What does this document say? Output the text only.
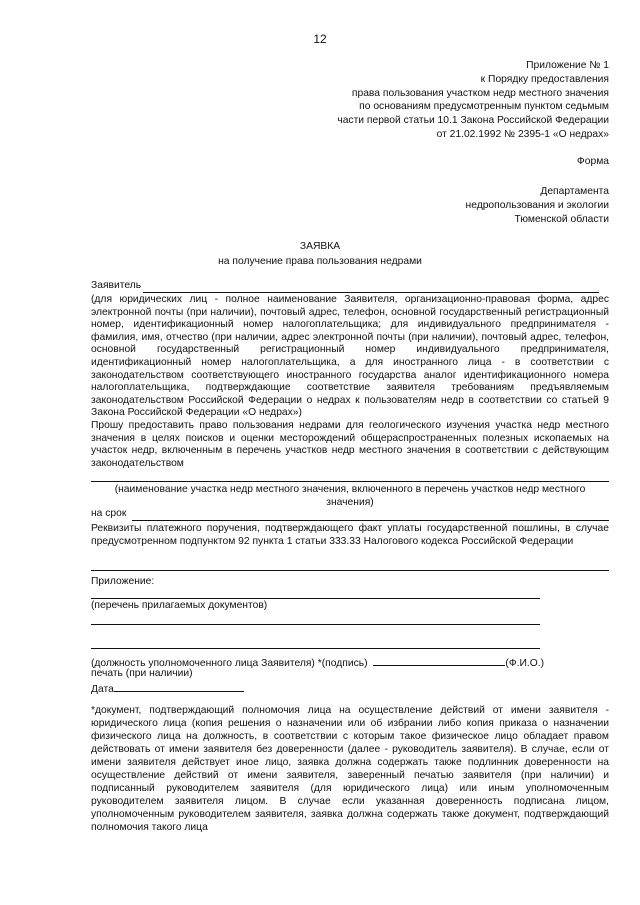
12
Приложение № 1
к Порядку предоставления
права пользования участком недр местного значения
по основаниям предусмотренным пунктом седьмым
части первой статьи 10.1 Закона Российской Федерации
от 21.02.1992 № 2395-1 «О недрах»
Форма
Департамента
недропользования и экологии
Тюменской области
ЗАЯВКА
на получение права пользования недрами
Заявитель
(для юридических лиц - полное наименование Заявителя, организационно-правовая форма, адрес электронной почты (при наличии), почтовый адрес, телефон, основной государственный регистрационный номер, идентификационный номер налогоплательщика; для индивидуального предпринимателя - фамилия, имя, отчество (при наличии, адрес электронной почты (при наличии), почтовый адрес, телефон, основной государственный регистрационный номер индивидуального предпринимателя, идентификационный номер налогоплательщика, а для иностранного лица - в соответствии с законодательством соответствующего иностранного государства аналог идентификационного номера налогоплательщика, подтверждающие соответствие заявителя требованиям предъявляемым законодательством Российской Федерации о недрах к пользователям недр в соответствии со статьей 9 Закона Российской Федерации «О недрах»)
Прошу предоставить право пользования недрами для геологического изучения участка недр местного значения в целях поисков и оценки месторождений общераспространенных полезных ископаемых на участок недр, включенным в перечень участков недр местного значения в соответствии с действующим законодательством
(наименование участка недр местного значения, включенного в перечень участков недр местного значения)
на срок
Реквизиты платежного поручения, подтверждающего факт уплаты государственной пошлины, в случае предусмотренном подпунктом 92 пункта 1 статьи 333.33 Налогового кодекса Российской Федерации
Приложение:
(перечень прилагаемых документов)
(должность уполномоченного лица Заявителя) *(подпись)	(Ф.И.О.)
печать (при наличии)
Дата
*документ, подтверждающий полномочия лица на осуществление действий от имени заявителя - юридического лица (копия решения о назначении или об избрании либо копия приказа о назначении физического лица на должность, в соответствии с которым такое физическое лицо обладает правом действовать от имени заявителя без доверенности (далее - руководитель заявителя). В случае, если от имени заявителя действует иное лицо, заявка должна содержать также подлинник доверенности на осуществление действий от имени заявителя, заверенный печатью заявителя (при наличии) и подписанный руководителем заявителя (для юридического лица) или иным уполномоченным руководителем заявителя лицом. В случае если указанная доверенность подписана лицом, уполномоченным руководителем заявителя, заявка должна содержать также документ, подтверждающий полномочия такого лица
